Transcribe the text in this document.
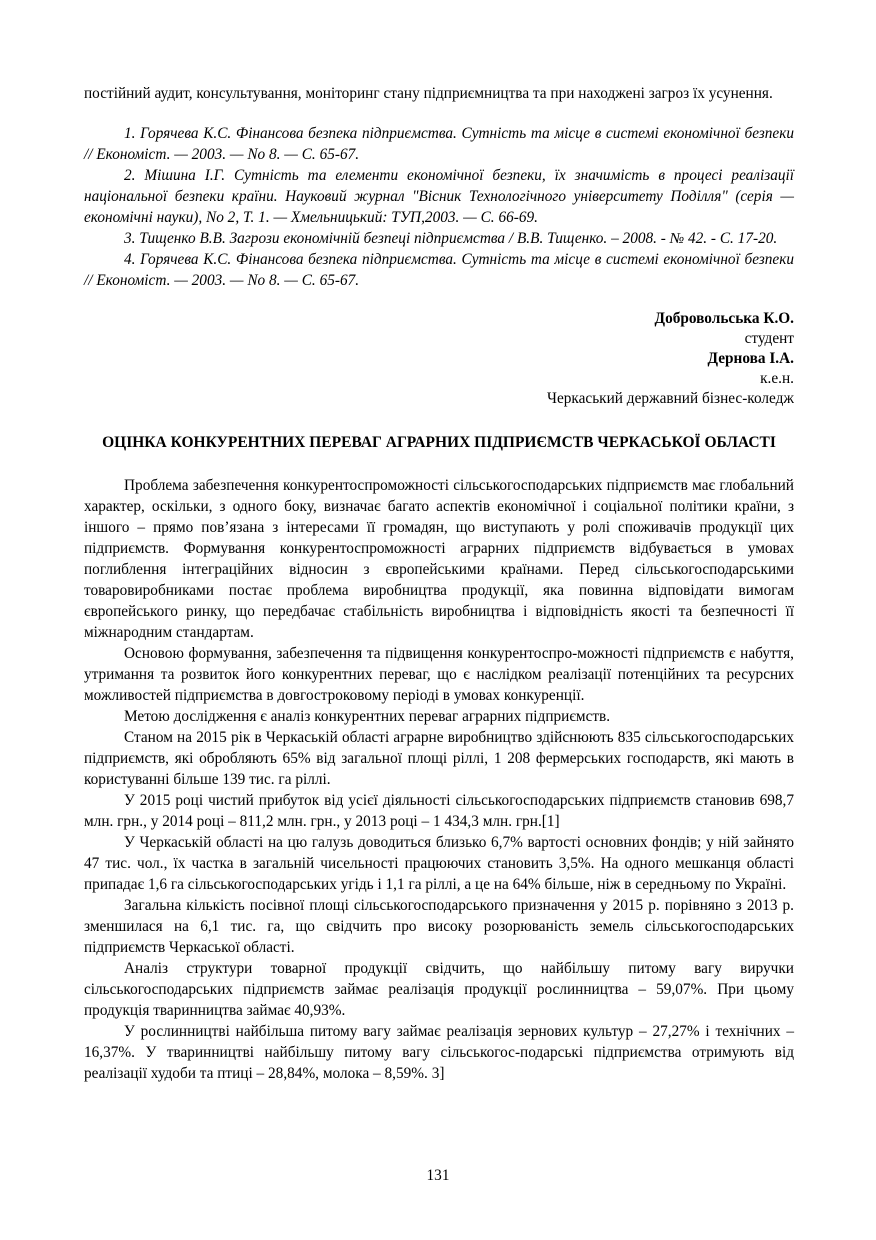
постійний аудит, консультування, моніторинг стану підприємництва та при находжені загроз їх усунення.

1. Горячева К.С. Фінансова безпека підприємства. Сутність та місце в системі економічної безпеки // Економіст. — 2003. — No 8. — С. 65-67.

2. Мішина І.Г. Сутність та елементи економічної безпеки, їх значимість в процесі реалізації національної безпеки країни. Науковий журнал "Вісник Технологічного університету Поділля" (серія — економічні науки), No 2, Т. 1. — Хмельницький: ТУП,2003. — С. 66-69.

3. Тищенко В.В. Загрози економічній безпеці підприємства / В.В. Тищенко. – 2008. - № 42. - С. 17-20.

4. Горячева К.С. Фінансова безпека підприємства. Сутність та місце в системі економічної безпеки // Економіст. — 2003. — No 8. — С. 65-67.

Добровольська К.О.
студент
Дернова І.А.
к.е.н.
Черкаський державний бізнес-коледж
ОЦІНКА КОНКУРЕНТНИХ ПЕРЕВАГ АГРАРНИХ ПІДПРИЄМСТВ ЧЕРКАСЬКОЇ ОБЛАСТІ

Проблема забезпечення конкурентоспроможності сільськогосподарських підприємств має глобальний характер, оскільки, з одного боку, визначає багато аспектів економічної і соціальної політики країни, з іншого – прямо пов’язана з інтересами її громадян, що виступають у ролі споживачів продукції цих підприємств. Формування конкурентоспроможності аграрних підприємств відбувається в умовах поглиблення інтеграційних відносин з європейськими країнами. Перед сільськогосподарськими товаровиробниками постає проблема виробництва продукції, яка повинна відповідати вимогам європейського ринку, що передбачає стабільність виробництва і відповідність якості та безпечності її міжнародним стандартам.

Основою формування, забезпечення та підвищення конкурентоспро-можності підприємств є набуття, утримання та розвиток його конкурентних переваг, що є наслідком реалізації потенційних та ресурсних можливостей підприємства в довгостроковому періоді в умовах конкуренції.

Метою дослідження є аналіз конкурентних переваг аграрних підприємств.

Станом на 2015 рік в Черкаській області аграрне виробництво здійснюють 835 сільськогосподарських підприємств, які обробляють 65% від загальної площі ріллі, 1 208 фермерських господарств, які мають в користуванні більше 139 тис. га ріллі.

У 2015 році чистий прибуток від усієї діяльності сільськогосподарських підприємств становив 698,7 млн. грн., у 2014 році – 811,2 млн. грн., у 2013 році – 1 434,3 млн. грн.[1]

У Черкаській області на цю галузь доводиться близько 6,7% вартості основних фондів; у ній зайнято 47 тис. чол., їх частка в загальній чисельності працюючих становить 3,5%. На одного мешканця області припадає 1,6 га сільськогосподарських угідь і 1,1 га ріллі, а це на 64% більше, ніж в середньому по Україні.

Загальна кількість посівної площі сільськогосподарського призначення у 2015 р. порівняно з 2013 р. зменшилася на 6,1 тис. га, що свідчить про високу розорюваність земель сільськогосподарських підприємств Черкаської області.

Аналіз структури товарної продукції свідчить, що найбільшу питому вагу виручки сільськогосподарських підприємств займає реалізація продукції рослинництва – 59,07%. При цьому продукція тваринництва займає 40,93%.

У рослинництві найбільша питому вагу займає реалізація зернових культур – 27,27% і технічних – 16,37%. У тваринництві найбільшу питому вагу сільськогос-подарські підприємства отримують від реалізації худоби та птиці – 28,84%, молока – 8,59%. 3]

131
